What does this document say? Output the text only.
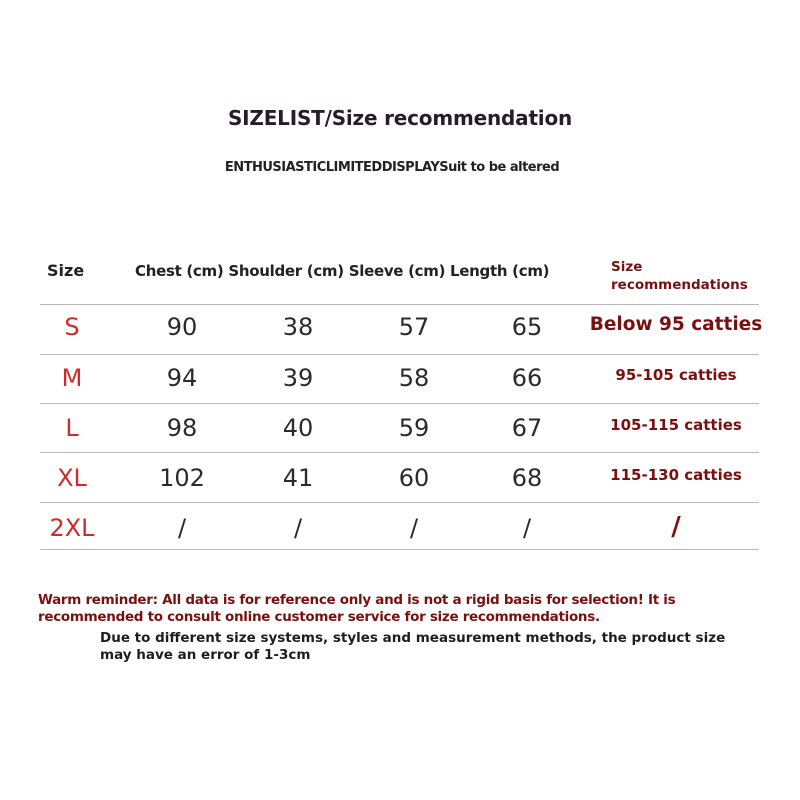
SIZELIST/Size recommendation
ENTHUSIASTICLIMITEDDISPLAYSuit to be altered
Size	Chest (cm) Shoulder (cm) Sleeve (cm) Length (cm)	Size
recommendations
S	90	38	57	65	Below 95 catties
M	94	39	58	66	95-105 catties
L	98	40	59	67	105-115 catties
XL	102	41	60	68	115-130 catties
2XL	/	/	/	/	/
Warm reminder: All data is for reference only and is not a rigid basis for selection! It is recommended to consult online customer service for size recommendations.
Due to different size systems, styles and measurement methods, the product size may have an error of 1-3cm
